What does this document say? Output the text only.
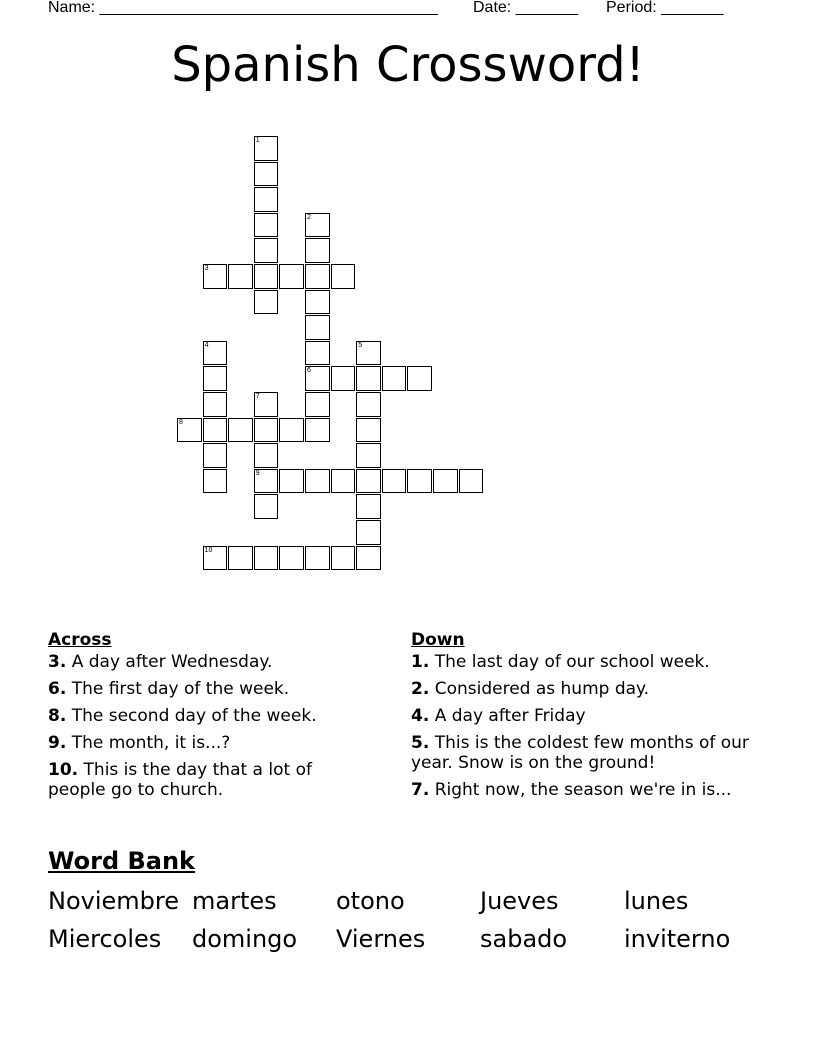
Name: ______________________________________ Date: _______ Period: _______
Spanish Crossword!
1
2
3
4	5
6
7
8
9
10
Across
3. A day after Wednesday.
6. The first day of the week.
8. The second day of the week.
9. The month, it is...?
10. This is the day that a lot of people go to church.
Down
1. The last day of our school week.
2. Considered as hump day.
4. A day after Friday
5. This is the coldest few months of our year. Snow is on the ground!
7. Right now, the season we're in is...
Word Bank
Noviembre martes otono	Jueves	lunes
Miercoles domingo Viernes sabado inviterno
